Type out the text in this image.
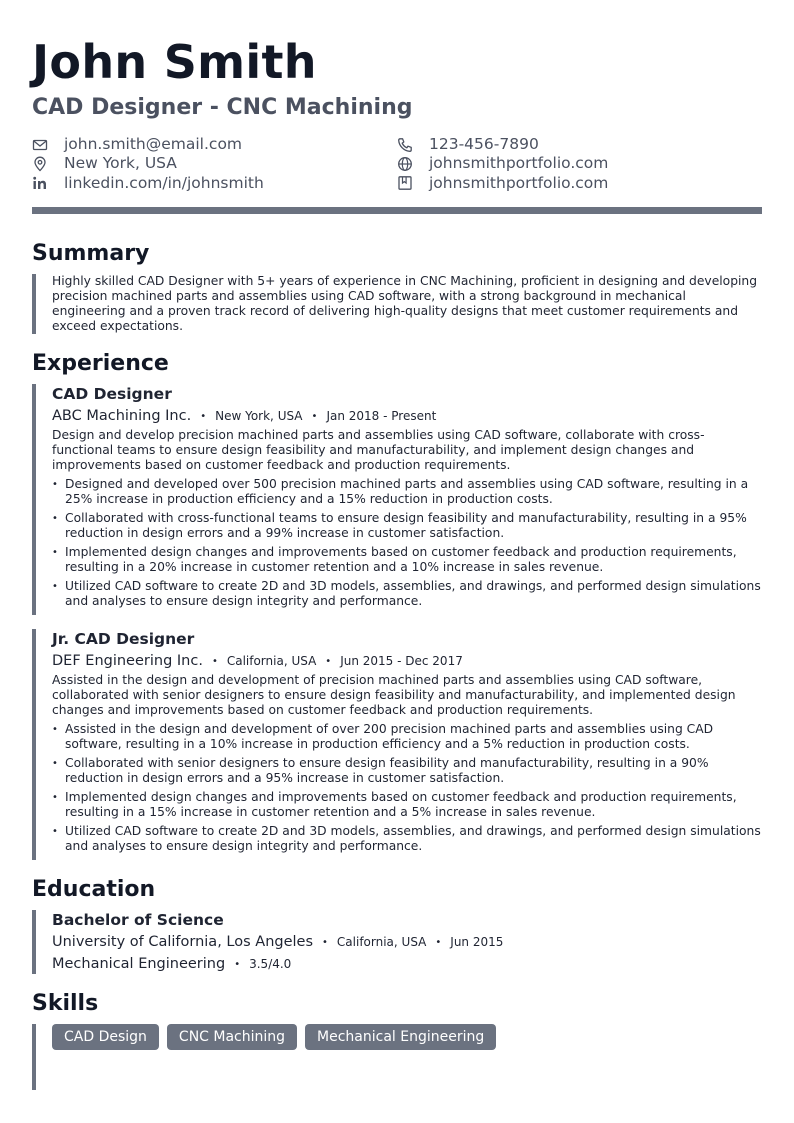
John Smith
CAD Designer - CNC Machining
john.smith@email.com
New York, USA
linkedin.com/in/johnsmith
123-456-7890
johnsmithportfolio.com
johnsmithportfolio.com
Summary
Highly skilled CAD Designer with 5+ years of experience in CNC Machining, proficient in designing and developing precision machined parts and assemblies using CAD software, with a strong background in mechanical engineering and a proven track record of delivering high-quality designs that meet customer requirements and exceed expectations.
Experience
CAD Designer
ABC Machining Inc. • New York, USA • Jan 2018 - Present
Design and develop precision machined parts and assemblies using CAD software, collaborate with cross-functional teams to ensure design feasibility and manufacturability, and implement design changes and improvements based on customer feedback and production requirements.
• Designed and developed over 500 precision machined parts and assemblies using CAD software, resulting in a 25% increase in production efficiency and a 15% reduction in production costs.
• Collaborated with cross-functional teams to ensure design feasibility and manufacturability, resulting in a 95% reduction in design errors and a 99% increase in customer satisfaction.
• Implemented design changes and improvements based on customer feedback and production requirements, resulting in a 20% increase in customer retention and a 10% increase in sales revenue.
• Utilized CAD software to create 2D and 3D models, assemblies, and drawings, and performed design simulations and analyses to ensure design integrity and performance.
Jr. CAD Designer
DEF Engineering Inc. • California, USA • Jun 2015 - Dec 2017
Assisted in the design and development of precision machined parts and assemblies using CAD software, collaborated with senior designers to ensure design feasibility and manufacturability, and implemented design changes and improvements based on customer feedback and production requirements.
• Assisted in the design and development of over 200 precision machined parts and assemblies using CAD software, resulting in a 10% increase in production efficiency and a 5% reduction in production costs.
• Collaborated with senior designers to ensure design feasibility and manufacturability, resulting in a 90% reduction in design errors and a 95% increase in customer satisfaction.
• Implemented design changes and improvements based on customer feedback and production requirements, resulting in a 15% increase in customer retention and a 5% increase in sales revenue.
• Utilized CAD software to create 2D and 3D models, assemblies, and drawings, and performed design simulations and analyses to ensure design integrity and performance.
Education
Bachelor of Science
University of California, Los Angeles • California, USA • Jun 2015
Mechanical Engineering • 3.5/4.0
Skills
CAD Design	CNC Machining	Mechanical Engineering
